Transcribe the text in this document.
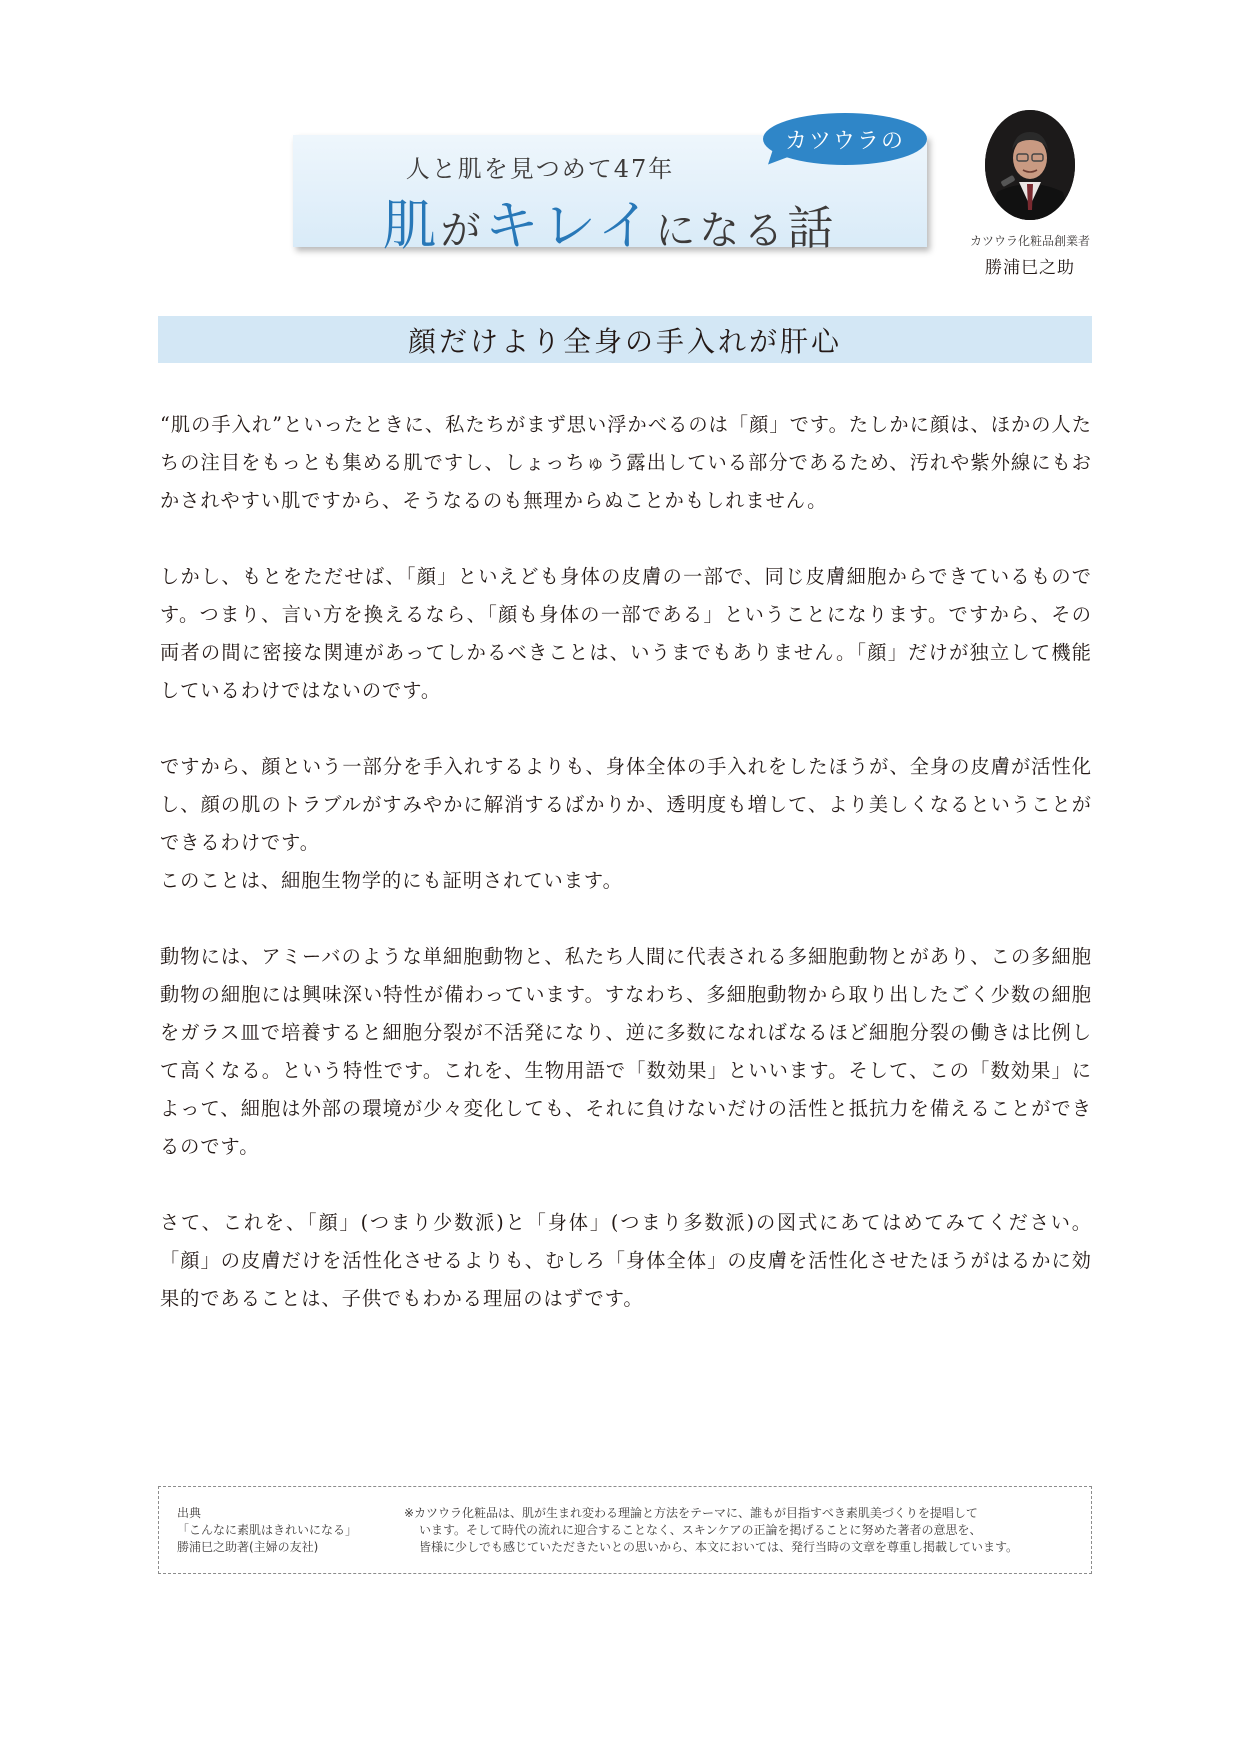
人と肌を見つめて47年
肌がキレイになる話
カツウラの
カツウラ化粧品創業者
勝浦巳之助
顔だけより全身の手入れが肝心

“肌の手入れ”といったときに、私たちがまず思い浮かべるのは「顔」です。たしかに顔は、ほかの人たちの注目をもっとも集める肌ですし、しょっちゅう露出している部分であるため、汚れや紫外線にもおかされやすい肌ですから、そうなるのも無理からぬことかもしれません。

しかし、もとをただせば、「顔」といえども身体の皮膚の一部で、同じ皮膚細胞からできているものです。つまり、言い方を換えるなら、「顔も身体の一部である」ということになります。ですから、その両者の間に密接な関連があってしかるべきことは、いうまでもありません。「顔」だけが独立して機能しているわけではないのです。

ですから、顔という一部分を手入れするよりも、身体全体の手入れをしたほうが、全身の皮膚が活性化し、顔の肌のトラブルがすみやかに解消するばかりか、透明度も増して、より美しくなるということができるわけです。

このことは、細胞生物学的にも証明されています。

動物には、アミーバのような単細胞動物と、私たち人間に代表される多細胞動物とがあり、この多細胞動物の細胞には興味深い特性が備わっています。すなわち、多細胞動物から取り出したごく少数の細胞をガラス皿で培養すると細胞分裂が不活発になり、逆に多数になればなるほど細胞分裂の働きは比例して高くなる。という特性です。これを、生物用語で「数効果」といいます。そして、この「数効果」によって、細胞は外部の環境が少々変化しても、それに負けないだけの活性と抵抗力を備えることができるのです。

さて、これを、「顔」(つまり少数派)と「身体」(つまり多数派)の図式にあてはめてみてください。「顔」の皮膚だけを活性化させるよりも、むしろ「身体全体」の皮膚を活性化させたほうがはるかに効果的であることは、子供でもわかる理屈のはずです。

出典
「こんなに素肌はきれいになる」
勝浦巳之助著(主婦の友社)
※カツウラ化粧品は、肌が生まれ変わる理論と方法をテーマに、誰もが目指すべき素肌美づくりを提唱して
います。そして時代の流れに迎合することなく、スキンケアの正論を掲げることに努めた著者の意思を、
皆様に少しでも感じていただきたいとの思いから、本文においては、発行当時の文章を尊重し掲載しています。
